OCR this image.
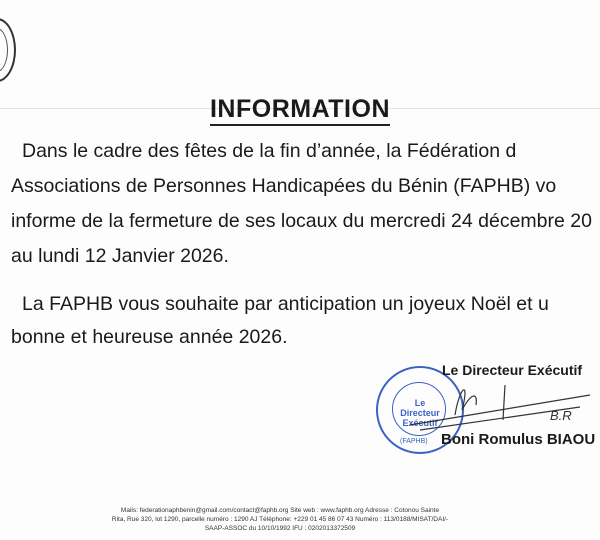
INFORMATION
Dans le cadre des fêtes de la fin d’année, la Fédération d
Associations de Personnes Handicapées du Bénin (FAPHB) vo
informe de la fermeture de ses locaux du mercredi 24 décembre 20
au lundi 12 Janvier 2026.
La FAPHB vous souhaite par anticipation un joyeux Noël et u
bonne et heureuse année 2026.
Le Directeur Exécutif
(FAPHB)
Le Directeur Exécutif
B.R
Boni Romulus BIAOU
Mails: federationaphbenin@gmail.com/contact@faphb.org Site web : www.faphb.org Adresse : Cotonou Sainte
Rita, Rue 320, lot 1290, parcelle numéro : 1290 AJ Téléphone: +229 01 45 86 07 43 Numéro : 113/0188/MISAT/DAI/-
SAAP-ASSOC du 10/10/1992 IFU : 0202013372509
